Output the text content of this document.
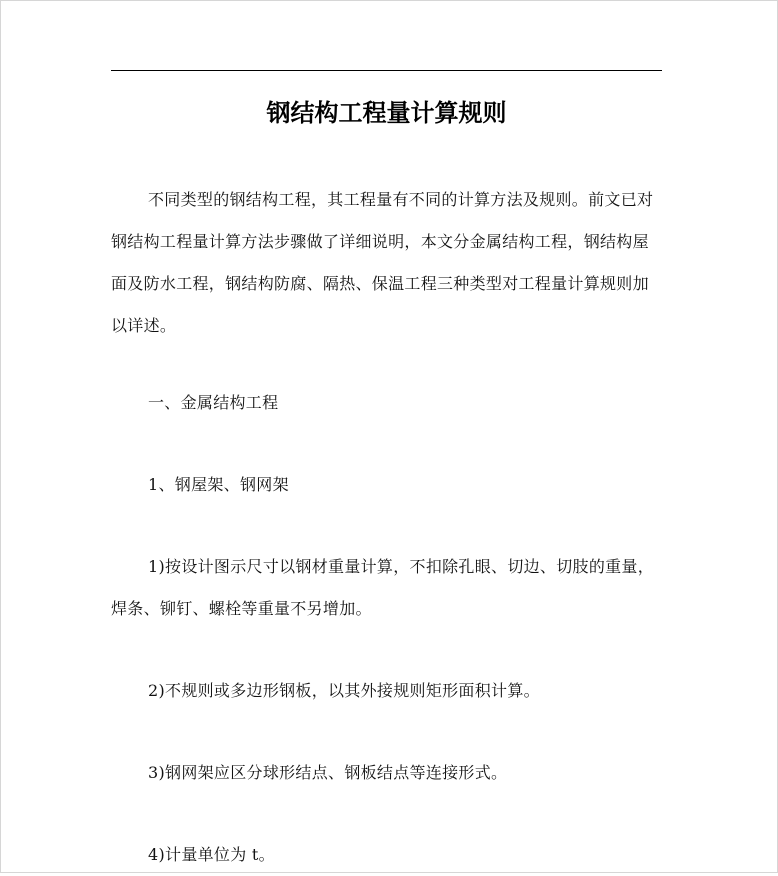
钢结构工程量计算规则

不同类型的钢结构工程，其工程量有不同的计算方法及规则。前文已对 钢结构工程量计算方法步骤做了详细说明，本文分金属结构工程，钢结构屋面及防水工程，钢结构防腐、隔热、保温工程三种类型对工程量计算规则加以详述。

一、金属结构工程

1、钢屋架、钢网架

1)按设计图示尺寸以钢材重量计算，不扣除孔眼、切边、切肢的重量，焊条、铆钉、螺栓等重量不另增加。

2)不规则或多边形钢板，以其外接规则矩形面积计算。

3)钢网架应区分球形结点、钢板结点等连接形式。

4)计量单位为 t。
